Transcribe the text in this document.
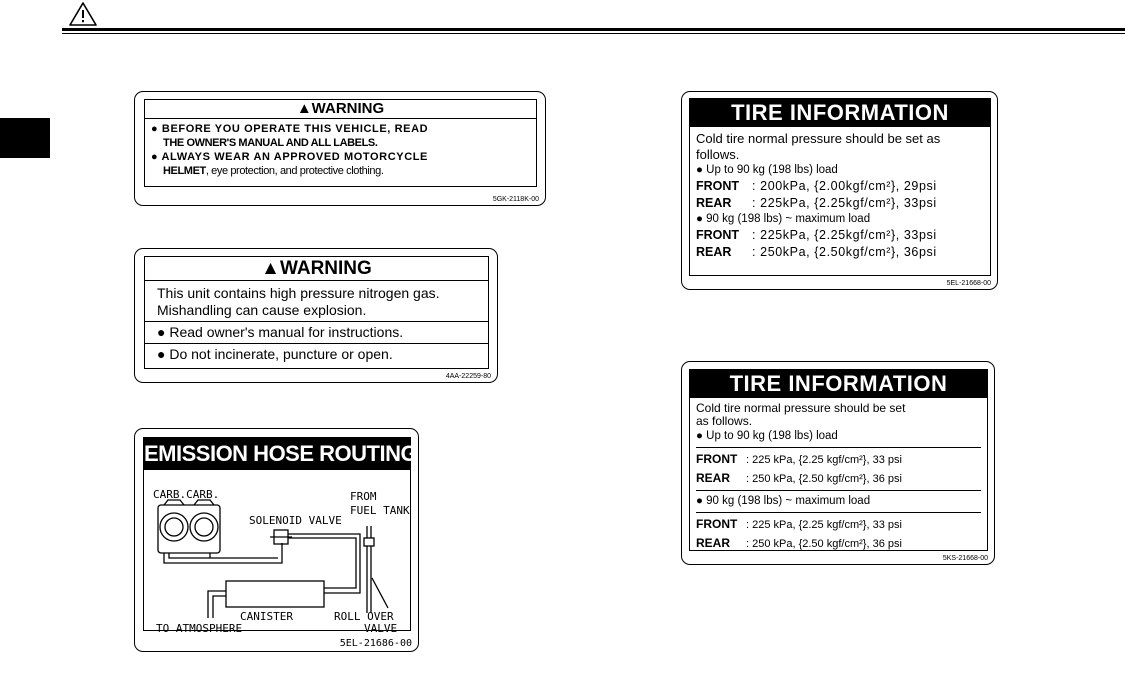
▲WARNING
● BEFORE YOU OPERATE THIS VEHICLE, READ
THE OWNER'S MANUAL AND ALL LABELS.
● ALWAYS WEAR AN APPROVED MOTORCYCLE
HELMET, eye protection, and protective clothing.
5GK-2118K-00
▲WARNING
This unit contains high pressure nitrogen gas.
Mishandling can cause explosion.
● Read owner's manual for instructions.
● Do not incinerate, puncture or open.
4AA-22259-80
EMISSION HOSE ROUTING
CARB.CARB.
SOLENOID VALVE
FROM
FUEL TANK
CANISTER
TO ATMOSPHERE
ROLL OVER
VALVE
5EL-21686-00
TIRE INFORMATION
Cold tire normal pressure should be set as
follows.
● Up to 90 kg (198 lbs) load
FRONT : 200kPa, {2.00kgf/cm²}, 29psi
REAR : 225kPa, {2.25kgf/cm²}, 33psi
● 90 kg (198 lbs) ~ maximum load
FRONT : 225kPa, {2.25kgf/cm²}, 33psi
REAR : 250kPa, {2.50kgf/cm²}, 36psi
5EL-21668-00
TIRE INFORMATION
Cold tire normal pressure should be set
as follows.
● Up to 90 kg (198 lbs) load
FRONT : 225 kPa, {2.25 kgf/cm²}, 33 psi
REAR : 250 kPa, {2.50 kgf/cm²}, 36 psi
● 90 kg (198 lbs) ~ maximum load
FRONT : 225 kPa, {2.25 kgf/cm²}, 33 psi
REAR : 250 kPa, {2.50 kgf/cm²}, 36 psi
5KS-21668-00
